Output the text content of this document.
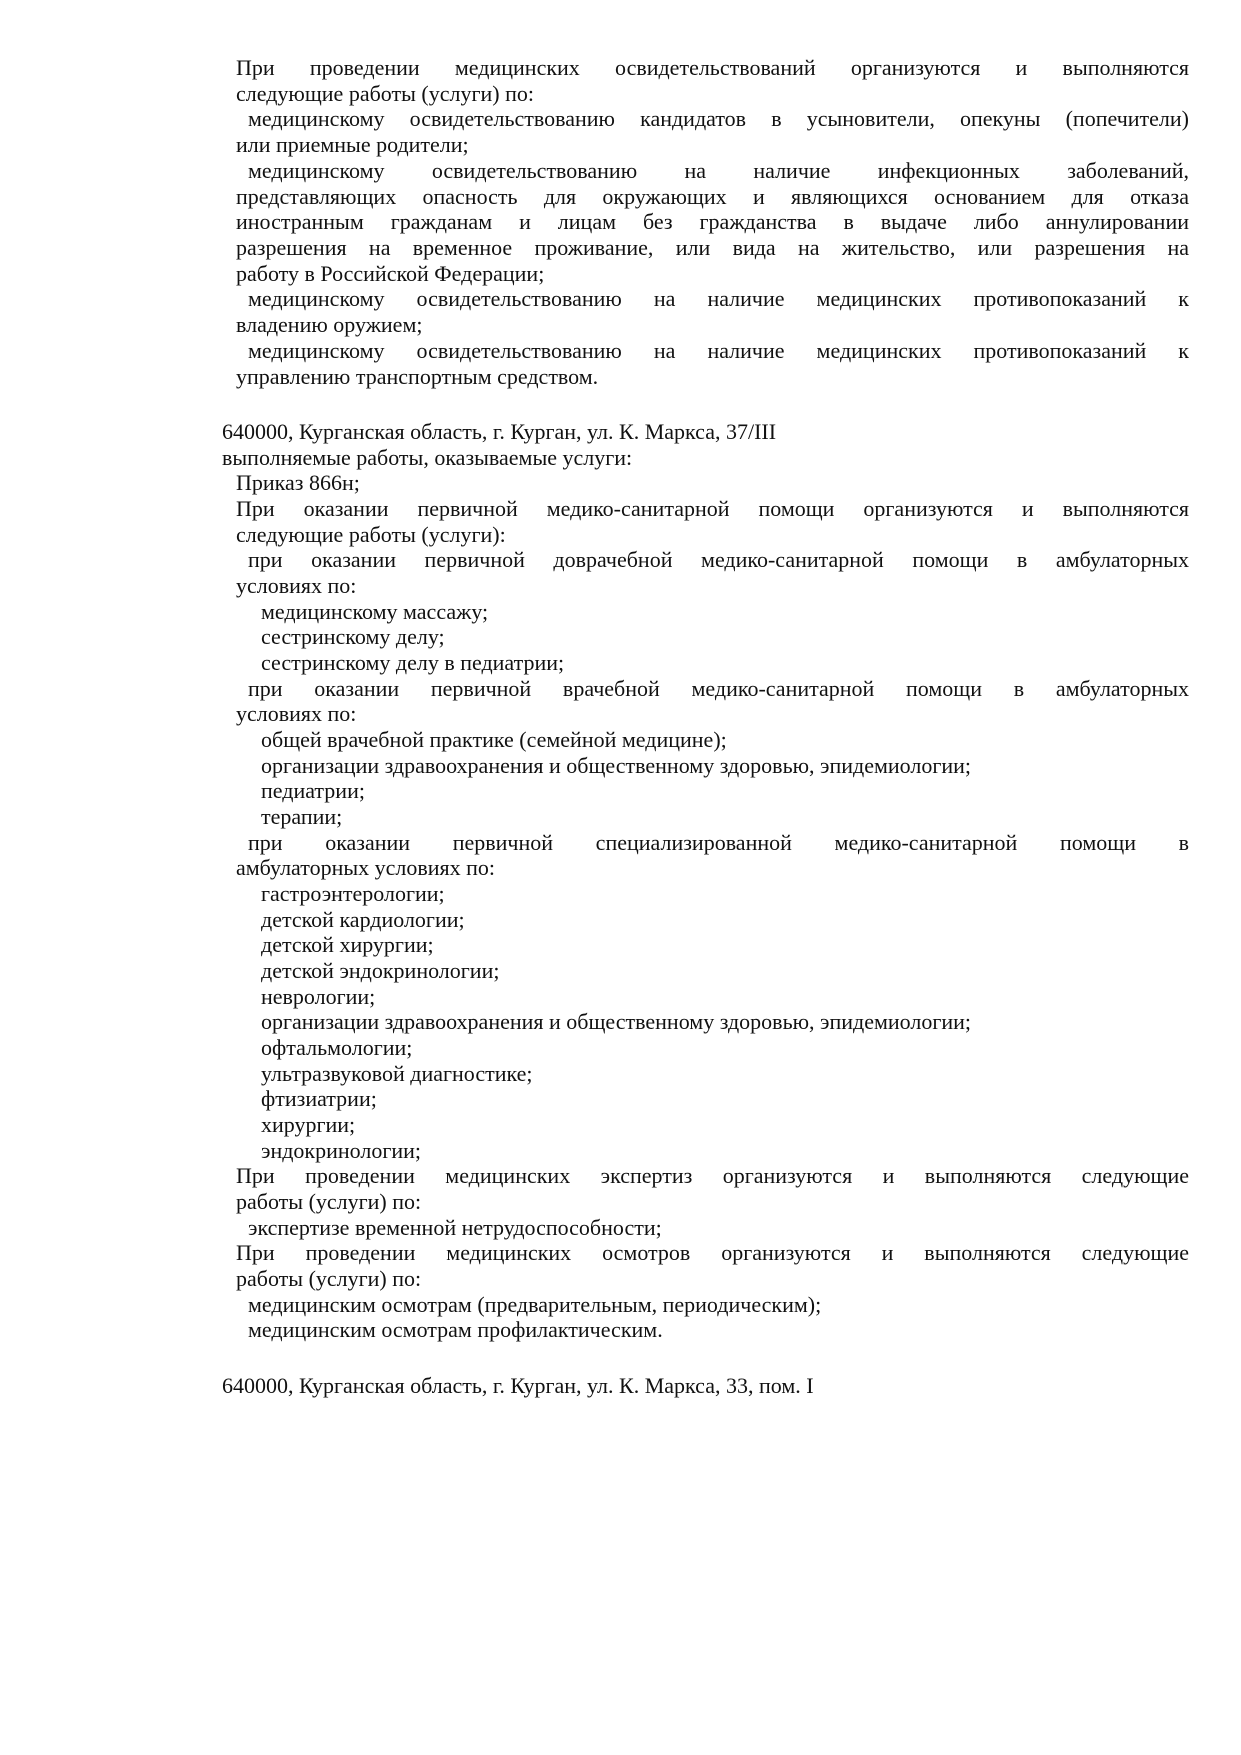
При проведении медицинских освидетельствований организуются и выполняются
следующие работы (услуги) по:
медицинскому освидетельствованию кандидатов в усыновители, опекуны (попечители)
или приемные родители;
медицинскому освидетельствованию на наличие инфекционных заболеваний,
представляющих опасность для окружающих и являющихся основанием для отказа
иностранным гражданам и лицам без гражданства в выдаче либо аннулировании
разрешения на временное проживание, или вида на жительство, или разрешения на
работу в Российской Федерации;
медицинскому освидетельствованию на наличие медицинских противопоказаний к
владению оружием;
медицинскому освидетельствованию на наличие медицинских противопоказаний к
управлению транспортным средством.
640000, Курганская область, г. Курган, ул. К. Маркса, 37/III
выполняемые работы, оказываемые услуги:
Приказ 866н;
При оказании первичной медико-санитарной помощи организуются и выполняются
следующие работы (услуги):
при оказании первичной доврачебной медико-санитарной помощи в амбулаторных
условиях по:
медицинскому массажу;
сестринскому делу;
сестринскому делу в педиатрии;
при оказании первичной врачебной медико-санитарной помощи в амбулаторных
условиях по:
общей врачебной практике (семейной медицине);
организации здравоохранения и общественному здоровью, эпидемиологии;
педиатрии;
терапии;
при оказании первичной специализированной медико-санитарной помощи в
амбулаторных условиях по:
гастроэнтерологии;
детской кардиологии;
детской хирургии;
детской эндокринологии;
неврологии;
организации здравоохранения и общественному здоровью, эпидемиологии;
офтальмологии;
ультразвуковой диагностике;
фтизиатрии;
хирургии;
эндокринологии;
При проведении медицинских экспертиз организуются и выполняются следующие
работы (услуги) по:
экспертизе временной нетрудоспособности;
При проведении медицинских осмотров организуются и выполняются следующие
работы (услуги) по:
медицинским осмотрам (предварительным, периодическим);
медицинским осмотрам профилактическим.
640000, Курганская область, г. Курган, ул. К. Маркса, 33, пом. I
